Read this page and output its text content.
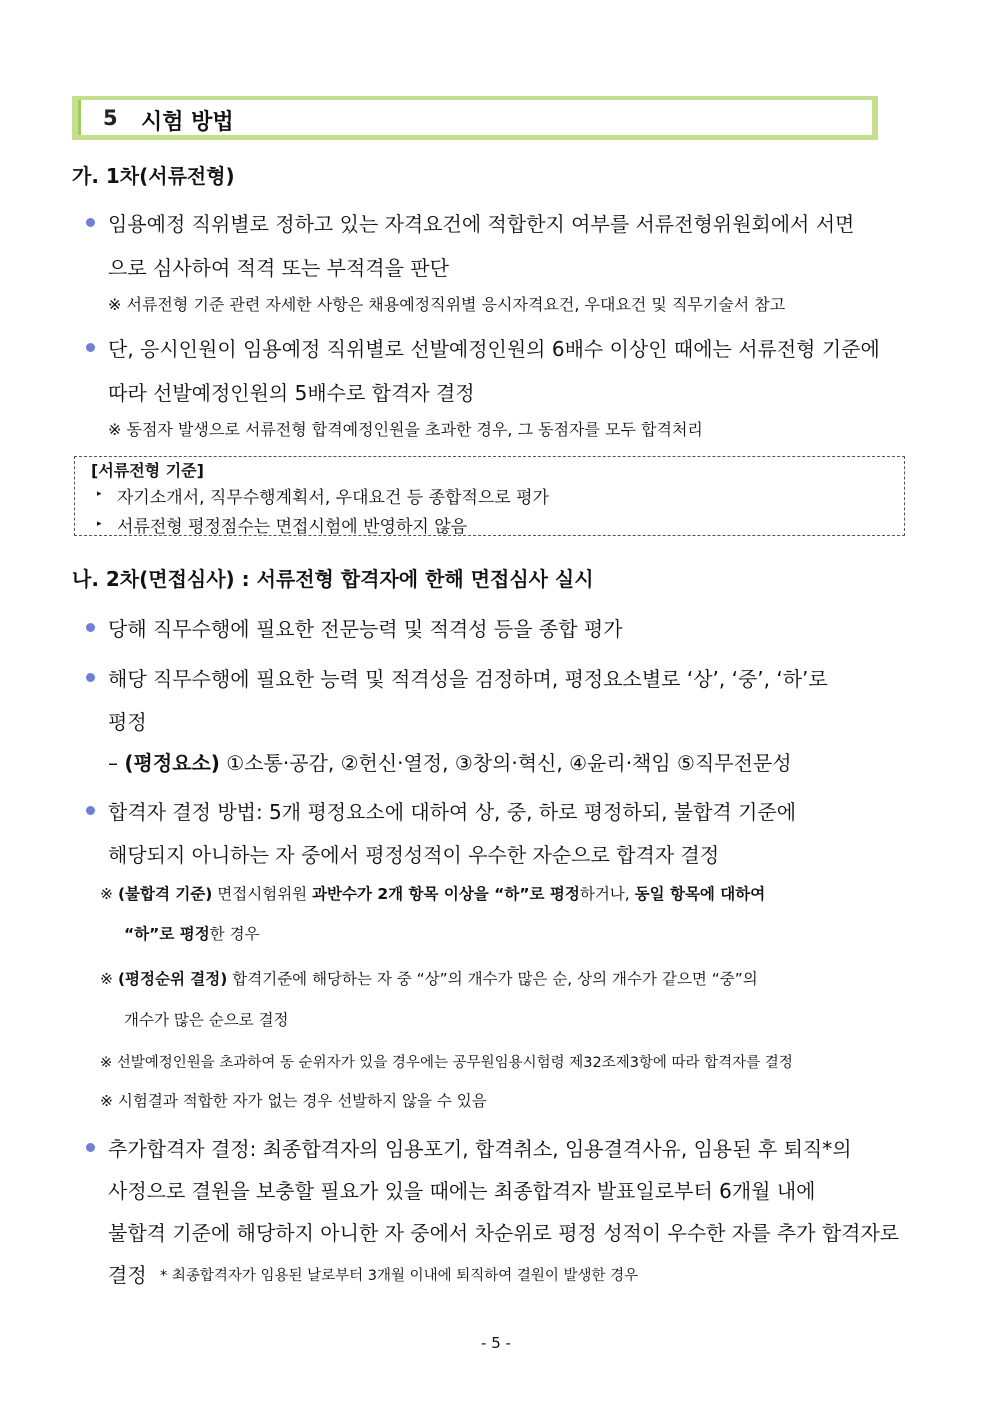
5 시험 방법
가. 1차(서류전형)
임용예정 직위별로 정하고 있는 자격요건에 적합한지 여부를 서류전형위원회에서 서면
으로 심사하여 적격 또는 부적격을 판단
※ 서류전형 기준 관련 자세한 사항은 채용예정직위별 응시자격요건, 우대요건 및 직무기술서 참고
단, 응시인원이 임용예정 직위별로 선발예정인원의 6배수 이상인 때에는 서류전형 기준에
따라 선발예정인원의 5배수로 합격자 결정
※ 동점자 발생으로 서류전형 합격예정인원을 초과한 경우, 그 동점자를 모두 합격처리
[서류전형 기준]
▸ 자기소개서, 직무수행계획서, 우대요건 등 종합적으로 평가
▸ 서류전형 평정점수는 면접시험에 반영하지 않음
나. 2차(면접심사) : 서류전형 합격자에 한해 면접심사 실시
당해 직무수행에 필요한 전문능력 및 적격성 등을 종합 평가
해당 직무수행에 필요한 능력 및 적격성을 검정하며, 평정요소별로 ‘상’, ‘중’, ‘하’로
평정
– (평정요소) ①소통·공감, ②헌신·열정, ③창의·혁신, ④윤리·책임 ⑤직무전문성
합격자 결정 방법: 5개 평정요소에 대하여 상, 중, 하로 평정하되, 불합격 기준에
해당되지 아니하는 자 중에서 평정성적이 우수한 자순으로 합격자 결정
※ (불합격 기준) 면접시험위원 과반수가 2개 항목 이상을 “하”로 평정하거나, 동일 항목에 대하여
“하”로 평정한 경우
※ (평정순위 결정) 합격기준에 해당하는 자 중 “상”의 개수가 많은 순, 상의 개수가 같으면 “중”의
개수가 많은 순으로 결정
※ 선발예정인원을 초과하여 동 순위자가 있을 경우에는 공무원임용시험령 제32조제3항에 따라 합격자를 결정
※ 시험결과 적합한 자가 없는 경우 선발하지 않을 수 있음
추가합격자 결정: 최종합격자의 임용포기, 합격취소, 임용결격사유, 임용된 후 퇴직*의
사정으로 결원을 보충할 필요가 있을 때에는 최종합격자 발표일로부터 6개월 내에
불합격 기준에 해당하지 아니한 자 중에서 차순위로 평정 성적이 우수한 자를 추가 합격자로
결정 * 최종합격자가 임용된 날로부터 3개월 이내에 퇴직하여 결원이 발생한 경우
- 5 -
